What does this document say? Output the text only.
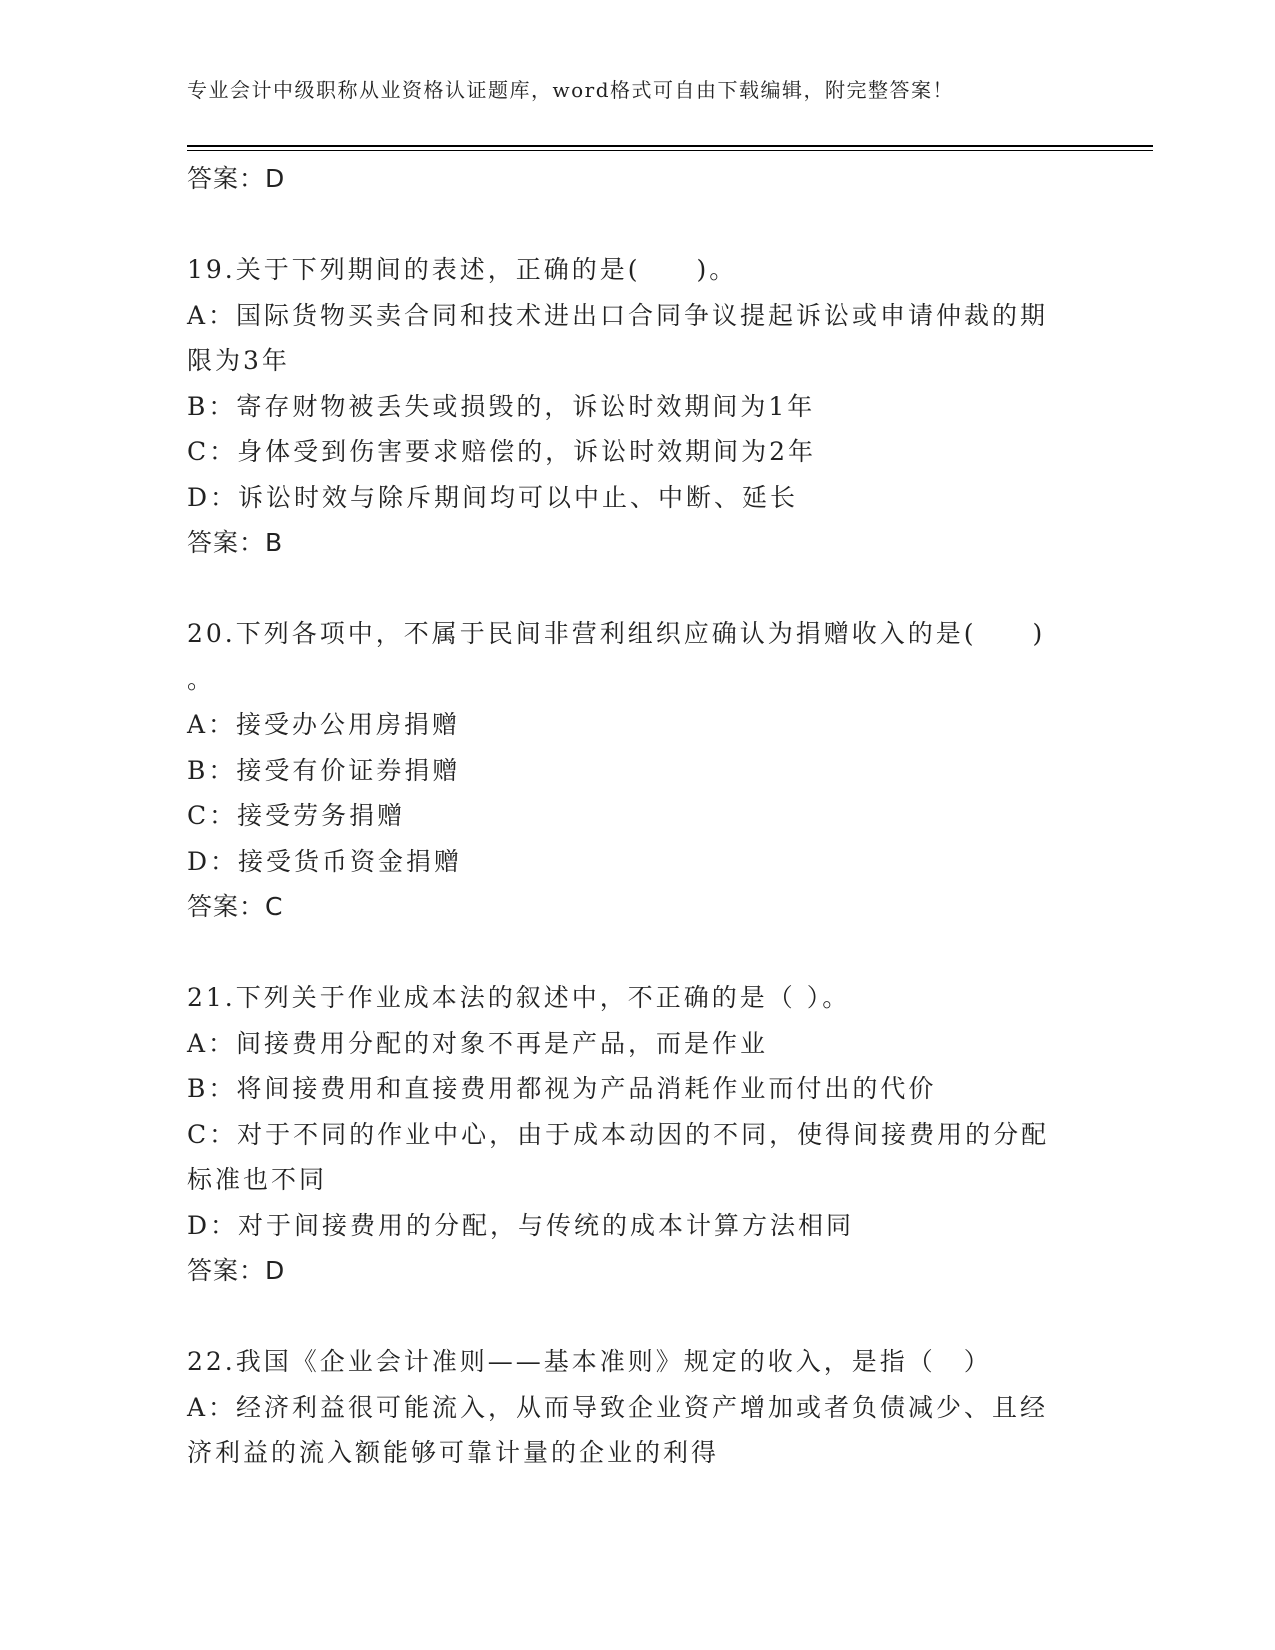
专业会计中级职称从业资格认证题库，word格式可自由下载编辑，附完整答案！
答案：D
19.关于下列期间的表述，正确的是(　　)。
A：国际货物买卖合同和技术进出口合同争议提起诉讼或申请仲裁的期
限为3年
B：寄存财物被丢失或损毁的，诉讼时效期间为1年
C：身体受到伤害要求赔偿的，诉讼时效期间为2年
D：诉讼时效与除斥期间均可以中止、中断、延长
答案：B
20.下列各项中，不属于民间非营利组织应确认为捐赠收入的是(　　)
。
A：接受办公用房捐赠
B：接受有价证券捐赠
C：接受劳务捐赠
D：接受货币资金捐赠
答案：C
21.下列关于作业成本法的叙述中，不正确的是（ ）。
A：间接费用分配的对象不再是产品，而是作业
B：将间接费用和直接费用都视为产品消耗作业而付出的代价
C：对于不同的作业中心，由于成本动因的不同，使得间接费用的分配
标准也不同
D：对于间接费用的分配，与传统的成本计算方法相同
答案：D
22.我国《企业会计准则——基本准则》规定的收入，是指（　）
A：经济利益很可能流入，从而导致企业资产增加或者负债减少、且经
济利益的流入额能够可靠计量的企业的利得
